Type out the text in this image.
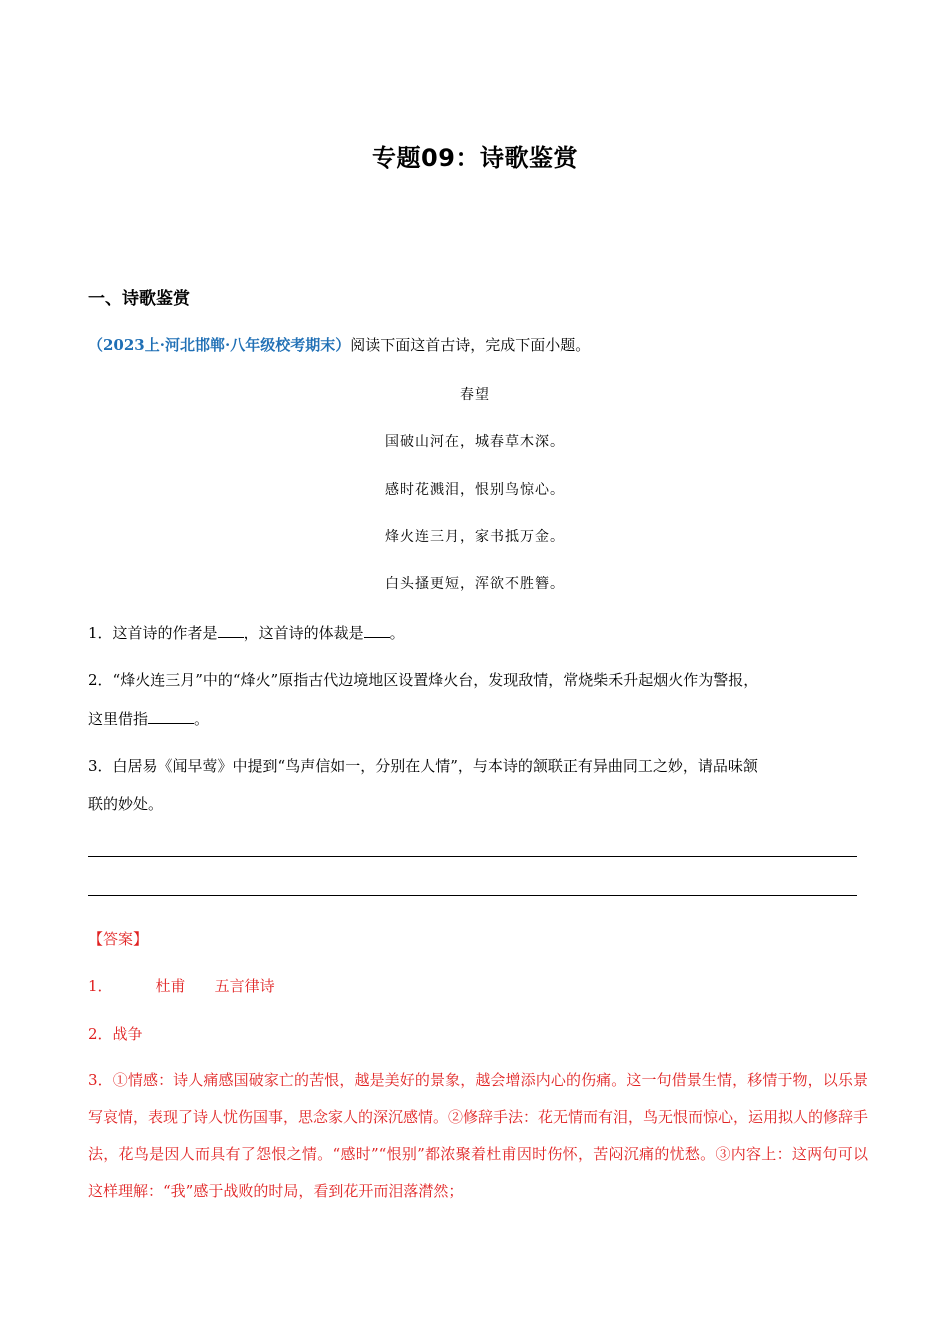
专题09：诗歌鉴赏
一、诗歌鉴赏
（2023上·河北邯郸·八年级校考期末）阅读下面这首古诗，完成下面小题。
春望
国破山河在，城春草木深。
感时花溅泪，恨别鸟惊心。
烽火连三月，家书抵万金。
白头搔更短，浑欲不胜簪。
1．这首诗的作者是 ，这首诗的体裁是 。
2．“烽火连三月”中的“烽火”原指古代边境地区设置烽火台，发现敌情，常烧柴禾升起烟火作为警报，
这里借指	。
3．白居易《闻早莺》中提到“鸟声信如一，分别在人情”，与本诗的颔联正有异曲同工之妙，请品味颔
联的妙处。
【答案】
1．	杜甫 五言律诗
2．战争
3．①情感：诗人痛感国破家亡的苦恨，越是美好的景象，越会增添内心的伤痛。这一句借景生情，移情于物，以乐景写哀情，表现了诗人忧伤国事，思念家人的深沉感情。②修辞手法：花无情而有泪，鸟无恨而惊心，运用拟人的修辞手法，花鸟是因人而具有了怨恨之情。“感时”“恨别”都浓聚着杜甫因时伤怀，苦闷沉痛的忧愁。③内容上：这两句可以这样理解：“我”感于战败的时局，看到花开而泪落潸然；
